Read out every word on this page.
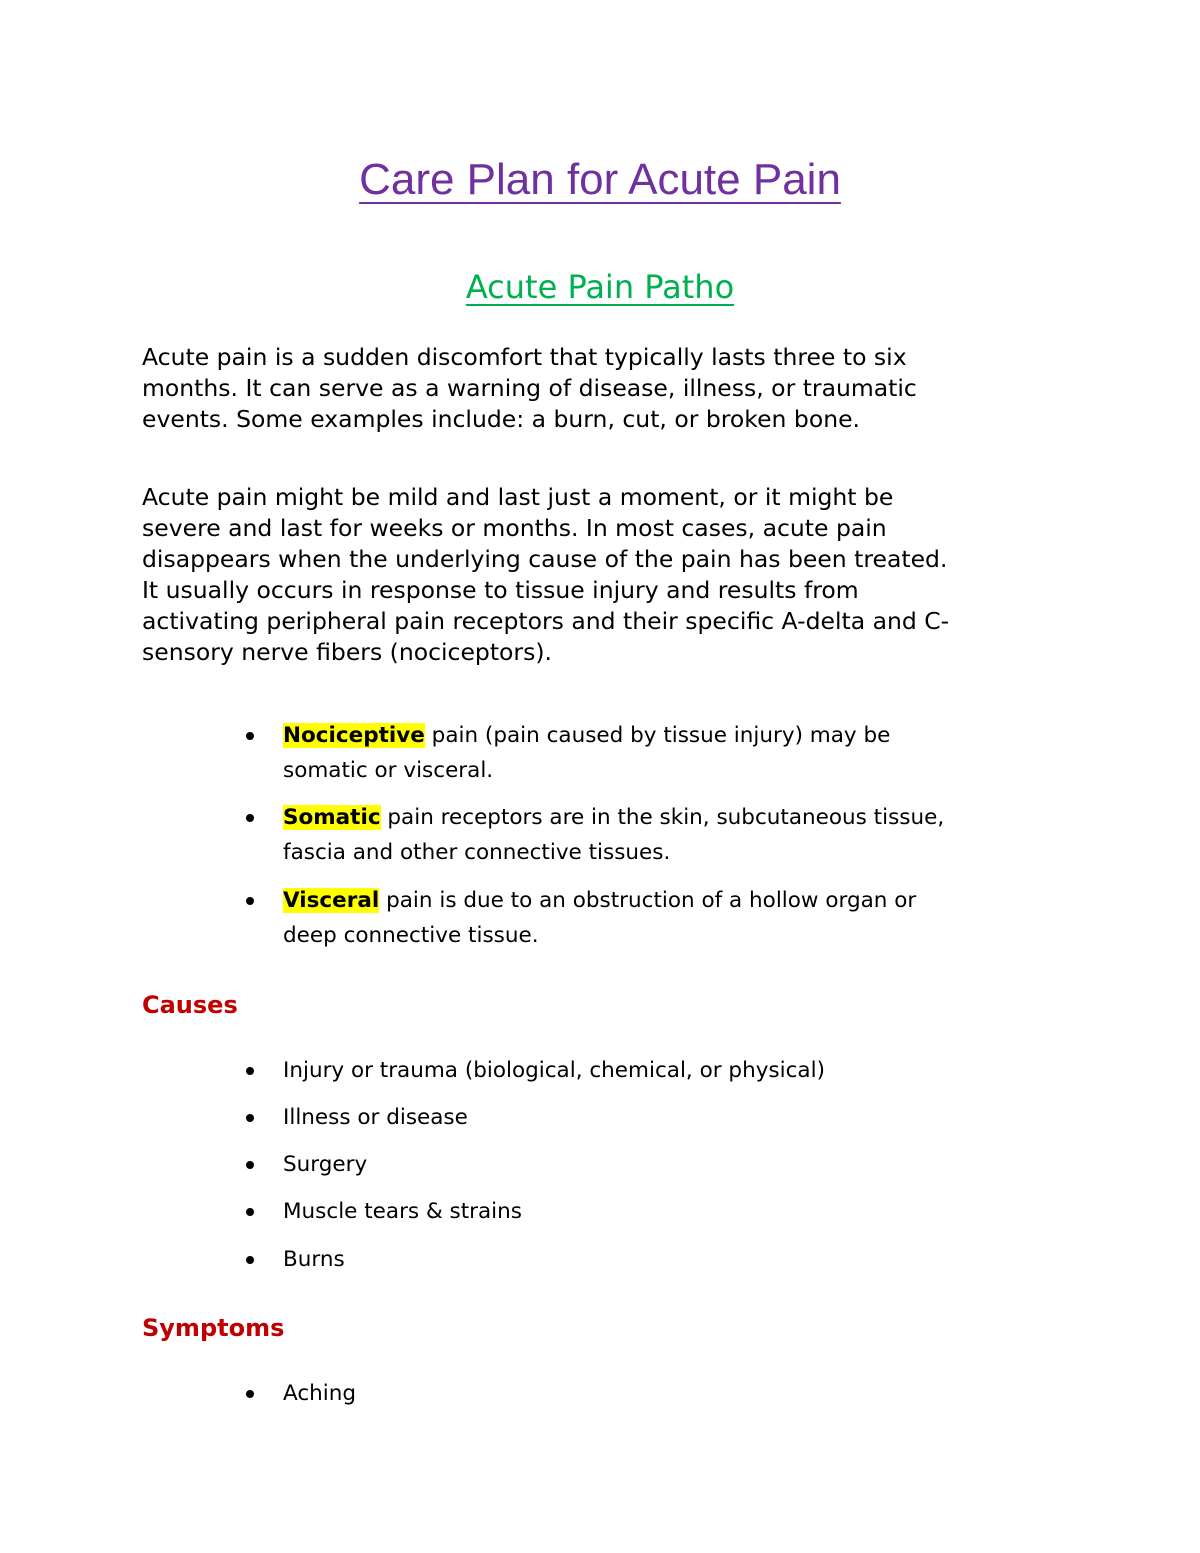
Care Plan for Acute Pain
Acute Pain Patho

Acute pain is a sudden discomfort that typically lasts three to six
months. It can serve as a warning of disease, illness, or traumatic
events. Some examples include: a burn, cut, or broken bone.

Acute pain might be mild and last just a moment, or it might be
severe and last for weeks or months. In most cases, acute pain
disappears when the underlying cause of the pain has been treated.
It usually occurs in response to tissue injury and results from
activating peripheral pain receptors and their specific A-delta and C-
sensory nerve fibers (nociceptors).

Nociceptive pain (pain caused by tissue injury) may be
somatic or visceral.
Somatic pain receptors are in the skin, subcutaneous tissue,
fascia and other connective tissues.
Visceral pain is due to an obstruction of a hollow organ or
deep connective tissue.
Causes
Injury or trauma (biological, chemical, or physical)
Illness or disease
Surgery
Muscle tears & strains
Burns
Symptoms
Aching
